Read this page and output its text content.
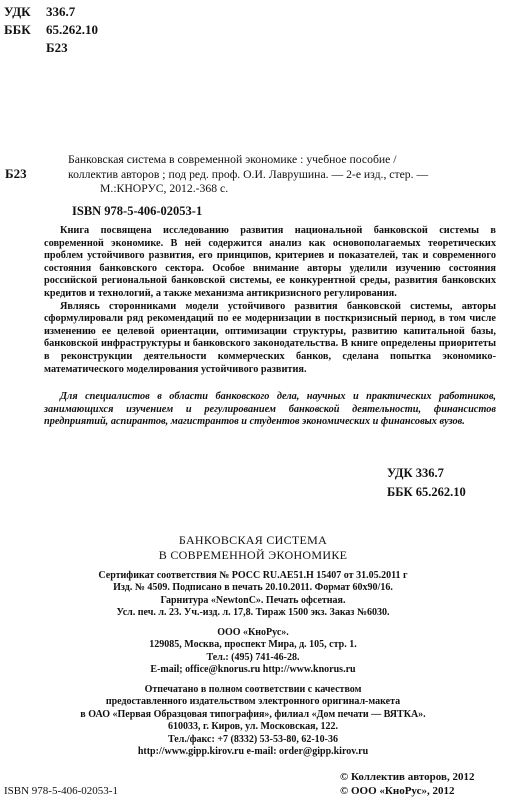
УДК 336.7
ББК 65.262.10
Б23
Б23
Банковская система в современной экономике : учебное пособие /
коллектив авторов ; под ред. проф. О.И. Лаврушина. — 2-е изд., стер. —
М.:КНОРУС, 2012.-368 с.
ISBN 978-5-406-02053-1

Книга посвящена исследованию развития национальной банковской системы в современной экономике. В ней содержится анализ как основополагаемых теоретических проблем устойчивого развития, его принципов, критериев и показателей, так и современного состояния банковского сектора. Особое внимание авторы уделили изучению состояния российской региональной банковской системы, ее конкурентной среды, развития банковских кредитов и технологий, а также механизма антикризисного регулирования.

Являясь сторонниками модели устойчивого развития банковской системы, авторы сформулировали ряд рекомендаций по ее модернизации в посткризисный период, в том числе изменению ее целевой ориентации, оптимизации структуры, развитию капитальной базы, банковской инфраструктуры и банковского законодательства. В книге определены приоритеты в реконструкции деятельности коммерческих банков, сделана попытка экономико-математического моделирования устойчивого развития.

Для специалистов в области банковского дела, научных и практических работников, занимающихся изучением и регулированием банковской деятельности, финансистов предприятий, аспирантов, магистрантов и студентов экономических и финансовых вузов.

УДК 336.7
ББК 65.262.10
БАНКОВСКАЯ СИСТЕМА
В СОВРЕМЕННОЙ ЭКОНОМИКЕ
Сертификат соответствия № РОСС RU.AE51.H 15407 от 31.05.2011 г
Изд. № 4509. Подписано в печать 20.10.2011. Формат 60х90/16.
Гарнитура «NewtonC». Печать офсетная.
Усл. печ. л. 23. Уч.-изд. л. 17,8. Тираж 1500 экз. Заказ №6030.
ООО «КноРус».
129085, Москва, проспект Мира, д. 105, стр. 1.
Тел.: (495) 741-46-28.
E-mail; office@knorus.ru http://www.knorus.ru
Отпечатано в полном соответствии с качеством
предоставленного издательством электронного оригинал-макета
в ОАО «Первая Образцовая типография», филиал «Дом печати — ВЯТКА».
610033, г. Киров, ул. Московская, 122.
Тел./факс: +7 (8332) 53-53-80, 62-10-36
http://www.gipp.kirov.ru e-mail: order@gipp.kirov.ru
ISBN 978-5-406-02053-1
© Коллектив авторов, 2012
© ООО «КноРус», 2012
